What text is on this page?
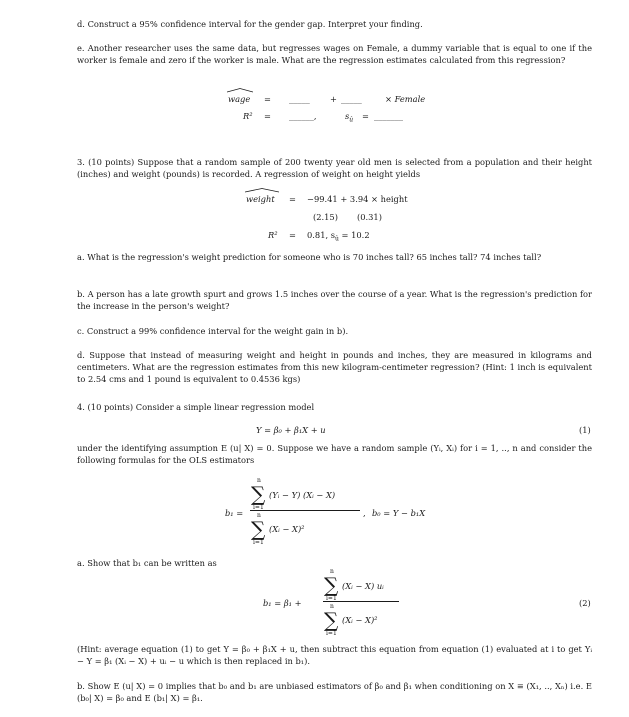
d. Construct a 95% confidence interval for the gender gap. Interpret your finding.

e. Another researcher uses the same data, but regresses wages on Female, a dummy variable that is equal to one if the worker is female and zero if the worker is male. What are the regression estimates calculated from this regression?

wage = _____ + _____	× Female
R² = ______,	$s_û$ = _______

3. (10 points) Suppose that a random sample of 200 twenty year old men is selected from a population and their height (inches) and weight (pounds) is recorded. A regression of weight on height yields

weight = −99.41 + 3.94 × height
(2.15) (0.31)
R² = 0.81, $s_û = 10.2$

a. What is the regression's weight prediction for someone who is 70 inches tall? 65 inches tall? 74 inches tall?

b. A person has a late growth spurt and grows 1.5 inches over the course of a year. What is the regression's prediction for the increase in the person's weight?

c. Construct a 99% confidence interval for the weight gain in b).

d. Suppose that instead of measuring weight and height in pounds and inches, they are measured in kilograms and centimeters. What are the regression estimates from this new kilogram-centimeter regression? (Hint: 1 inch is equivalent to 2.54 cms and 1 pound is equivalent to 0.4536 kgs)

4. (10 points) Consider a simple linear regression model

Y = β₀ + β₁X + u	(1)

under the identifying assumption E (u| X) = 0. Suppose we have a random sample (Yᵢ, Xᵢ) for i = 1, .., n and consider the following formulas for the OLS estimators

b₁ =
n
∑
i=1
(Yᵢ − Y) (Xᵢ − X)
n
∑
i=1
(Xᵢ − X)²
, b₀ = Y − b₁X

a. Show that b₁ can be written as

b₁ = β₁ +
n
∑
i=1
(Xᵢ − X) uᵢ
n
∑
i=1
(Xᵢ − X)²
(2)

(Hint: average equation (1) to get Y = β₀ + β₁X + u, then subtract this equation from equation (1) evaluated at i to get Yᵢ − Y = β₁ (Xᵢ − X) + uᵢ − u which is then replaced in b₁).

b. Show E (u| X) = 0 implies that b₀ and b₁ are unbiased estimators of β₀ and β₁ when conditioning on X ≡ (X₁, .., Xₙ) i.e. E (b₀| X) = β₀ and E (b₁| X) = β₁.
